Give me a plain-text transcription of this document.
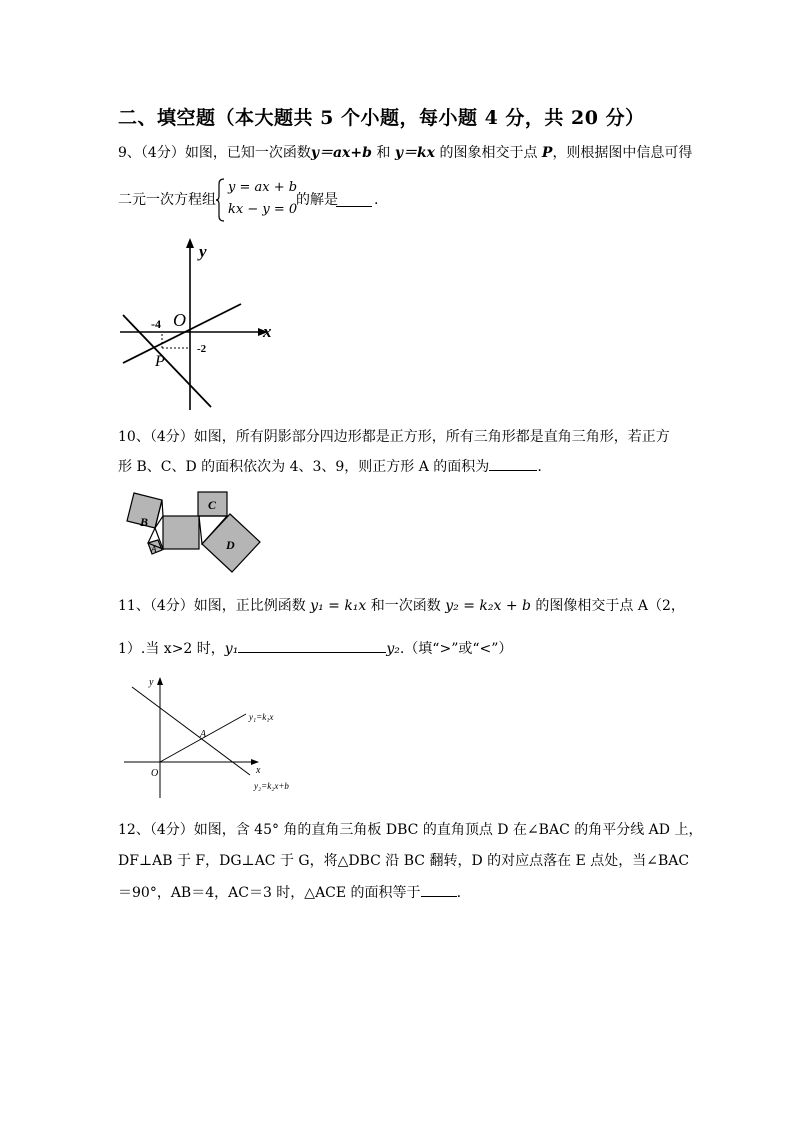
二、填空题（本大题共 5 个小题，每小题 4 分，共 20 分）
9、（4分）如图，已知一次函数y＝ax+b 和 y＝kx 的图象相交于点 P，则根据图中信息可得
二元一次方程组
y = ax + b
kx − y = 0
的解是	.
y
x
O
P
-4
-2
10、（4分）如图，所有阴影部分四边形都是正方形，所有三角形都是直角三角形，若正方
形 B、C、D 的面积依次为 4、3、9，则正方形 A 的面积为	.
B
C
D
A
11、（4分）如图，正比例函数 y₁ = k₁x 和一次函数 y₂ = k₂x + b 的图像相交于点 A（2，
1）.当 x>2 时，y₁	y₂.（填“>”或“<”）
y
x
O
A
y₁=k₁x
y₂=k₂x+b
12、（4分）如图，含 45° 角的直角三角板 DBC 的直角顶点 D 在∠BAC 的角平分线 AD 上，
DF⊥AB 于 F，DG⊥AC 于 G，将△DBC 沿 BC 翻转，D 的对应点落在 E 点处，当∠BAC
＝90°，AB＝4，AC＝3 时，△ACE 的面积等于	.
